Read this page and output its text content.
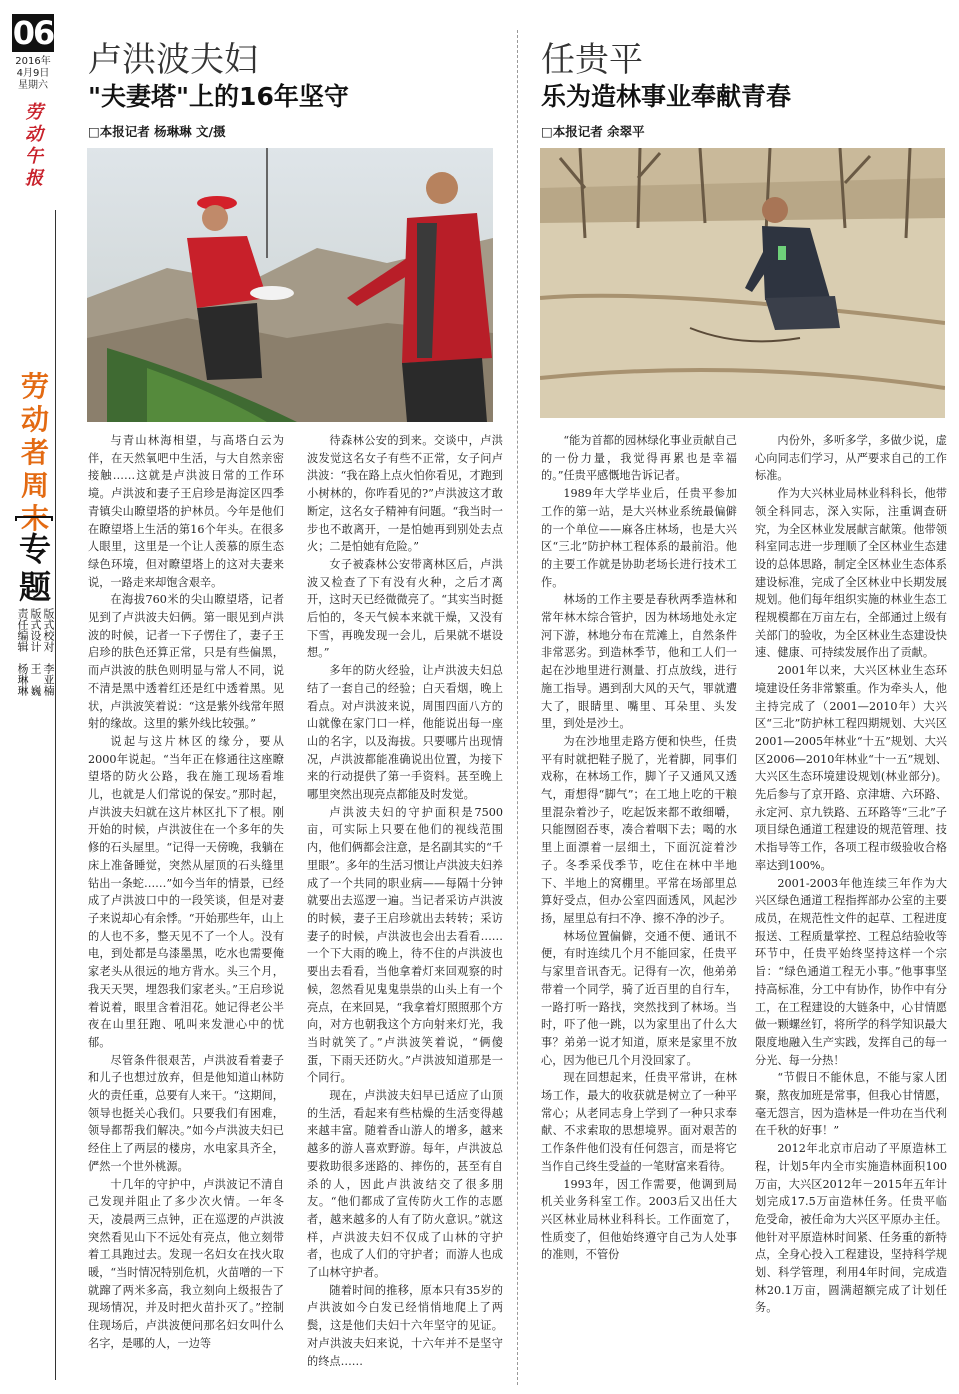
06
2016年
4月9日
星期六
劳动午报
劳动者周末
专题
版式校对　李亚楠
版式设计　王　巍
责任编辑　杨琳琳
卢洪波夫妇
"夫妻塔"上的16年坚守
□本报记者 杨琳琳 文/摄

与青山林海相望，与高塔白云为伴，在天然氧吧中生活，与大自然亲密接触……这就是卢洪波日常的工作环境。卢洪波和妻子王启珍是海淀区四季青镇尖山瞭望塔的护林员。今年是他们在瞭望塔上生活的第16个年头。在很多人眼里，这里是一个让人羡慕的原生态绿色环境，但对瞭望塔上的这对夫妻来说，一路走来却饱含艰辛。

在海拔760米的尖山瞭望塔，记者见到了卢洪波夫妇俩。第一眼见到卢洪波的时候，记者一下子愣住了，妻子王启珍的肤色还算正常，只是有些偏黑，而卢洪波的肤色则明显与常人不同，说不清是黑中透着红还是红中透着黑。见状，卢洪波笑着说：“这是紫外线常年照射的缘故。这里的紫外线比较强。”

说起与这片林区的缘分，要从2000年说起。“当年正在修通往这座瞭望塔的防火公路，我在施工现场看堆儿，也就是人们常说的保安。”那时起，卢洪波夫妇就在这片林区扎下了根。刚开始的时候，卢洪波住在一个多年的失修的石头屋里。“记得一天傍晚，我躺在床上准备睡觉，突然从屋顶的石头缝里钻出一条蛇……”如今当年的情景，已经成了卢洪波口中的一段笑谈，但是对妻子来说却心有余悸。“开始那些年，山上的人也不多，整天见不了一个人。没有电，到处都是乌漆墨黑，吃水也需要俺家老头从很远的地方背水。头三个月，我天天哭，埋怨我们家老头。”王启珍说着说着，眼里含着泪花。她记得老公半夜在山里狂跑、吼叫来发泄心中的忧郁。

尽管条件很艰苦，卢洪波看着妻子和儿子也想过放弃，但是他知道山林防火的责任重，总要有人来干。“这期间，领导也挺关心我们。只要我们有困难，领导都帮我们解决。”如今卢洪波夫妇已经住上了两层的楼房，水电家具齐全，俨然一个世外桃源。

十几年的守护中，卢洪波记不清自己发现并阻止了多少次火情。一年冬天，凌晨两三点钟，正在巡逻的卢洪波突然看见山下不远处有亮点，他立刻带着工具跑过去。发现一名妇女在找火取暖，“当时情况特别危机，火苗噌的一下就蹿了两米多高，我立刻向上级报告了现场情况，并及时把火苗扑灭了。”控制住现场后，卢洪波便问那名妇女叫什么名字，是哪的人，一边等

待森林公安的到来。交谈中，卢洪波发觉这名女子有些不正常，女子问卢洪波：“我在路上点火怕你看见，才跑到小树林的，你咋看见的?”卢洪波这才敢断定，这名女子精神有问题。“我当时一步也不敢离开，一是怕她再到别处去点火；二是怕她有危险。”

女子被森林公安带离林区后，卢洪波又检查了下有没有火种，之后才离开，这时天已经微微亮了。“其实当时挺后怕的，冬天气候本来就干燥，又没有下雪，再晚发现一会儿，后果就不堪设想。”

多年的防火经验，让卢洪波夫妇总结了一套自己的经验；白天看烟，晚上看点。对卢洪波来说，周围四面八方的山就像在家门口一样，他能说出每一座山的名字，以及海拔。只要哪片出现情况，卢洪波都能准确说出位置，为接下来的行动提供了第一手资料。甚至晚上哪里突然出现亮点都能及时发觉。

卢洪波夫妇的守护面积是7500亩，可实际上只要在他们的视线范围内，他们俩都会注意，是名副其实的“千里眼”。多年的生活习惯让卢洪波夫妇养成了一个共同的职业病——每隔十分钟就要出去巡逻一遍。当记者采访卢洪波的时候，妻子王启珍就出去转转；采访妻子的时候，卢洪波也会出去看看……一个下大雨的晚上，待不住的卢洪波也要出去看看，当他拿着灯来回观察的时候，忽然看见鬼鬼祟祟的山头上有一个亮点，在来回晃，“我拿着灯照照那个方向，对方也朝我这个方向射来灯光，我当时就笑了。”卢洪波笑着说，“俩傻蛋，下雨天还防火。”卢洪波知道那是一个同行。

现在，卢洪波夫妇早已适应了山顶的生活，看起来有些枯燥的生活变得越来越丰富。随着香山游人的增多，越来越多的游人喜欢野游。每年，卢洪波总要救助很多迷路的、摔伤的，甚至有自杀的人，因此卢洪波结交了很多朋友。“他们都成了宣传防火工作的志愿者，越来越多的人有了防火意识。”就这样，卢洪波夫妇不仅成了山林的守护者，也成了人们的守护者；而游人也成了山林守护者。

随着时间的推移，原本只有35岁的卢洪波如今白发已经悄悄地爬上了两鬓，这是他们夫妇十六年坚守的见证。对卢洪波夫妇来说，十六年并不是坚守的终点……

任贵平
乐为造林事业奉献青春
□本报记者 余翠平

“能为首都的园林绿化事业贡献自己的一份力量，我觉得再累也是幸福的。”任贵平感慨地告诉记者。

1989年大学毕业后，任贵平参加工作的第一站，是大兴林业系统最偏僻的一个单位——麻各庄林场，也是大兴区“三北”防护林工程体系的最前沿。他的主要工作就是协助老场长进行技术工作。

林场的工作主要是春秋两季造林和常年林木综合管护，因为林场地处永定河下游，林地分布在荒滩上，自然条件非常恶劣。到造林季节，他和工人们一起在沙地里进行测量、打点放线，进行施工指导。遇到刮大风的天气，罪就遭大了，眼睛里、嘴里、耳朵里、头发里，到处是沙土。

为在沙地里走路方便和快些，任贵平有时就把鞋子脱了，光着脚，同事们戏称，在林场工作，脚丫子又通风又透气，甭想得“脚气”；在工地上吃的干粮里混杂着沙子，吃起饭来都不敢细嚼，只能囫囵吞枣，凑合着咽下去；喝的水里上面漂着一层细土，下面沉淀着沙子。冬季采伐季节，吃住在林中半地下、半地上的窝棚里。平常在场部里总算好受点，但办公室四面透风，风起沙扬，屋里总有扫不净、擦不净的沙子。

林场位置偏僻，交通不便、通讯不便，有时连续几个月不能回家，任贵平与家里音讯杳无。记得有一次，他弟弟带着一个同学，骑了近百里的自行车，一路打听一路找，突然找到了林场。当时，吓了他一跳，以为家里出了什么大事？弟弟一说才知道，原来是家里不放心，因为他已几个月没回家了。

现在回想起来，任贵平常讲，在林场工作，最大的收获就是树立了一种平常心；从老同志身上学到了一种只求奉献、不求索取的思想境界。面对艰苦的工作条件他们没有任何怨言，而是将它当作自己终生受益的一笔财富来看待。

1993年，因工作需要，他调到局机关业务科室工作。2003后又出任大兴区林业局林业科科长。工作面宽了，性质变了，但他始终遵守自己为人处事的准则，不管份

内份外，多听多学，多做少说，虚心向同志们学习，从严要求自己的工作标准。

作为大兴林业局林业科科长，他带领全科同志，深入实际，注重调查研究，为全区林业发展献言献策。他带领科室同志进一步理顺了全区林业生态建设的总体思路，制定全区林业生态体系建设标准，完成了全区林业中长期发展规划。他们每年组织实施的林业生态工程规模都在万亩左右，全部通过上级有关部门的验收，为全区林业生态建设快速、健康、可持续发展作出了贡献。

2001年以来，大兴区林业生态环境建设任务非常繁重。作为牵头人，他主持完成了（2001—2010年）大兴区“三北”防护林工程四期规划、大兴区2001—2005年林业“十五”规划、大兴区2006—2010年林业“十一五”规划、大兴区生态环境建设规划(林业部分)。先后参与了京开路、京津塘、六环路、永定河、京九铁路、五环路等“三北”子项目绿色通道工程建设的规范管理、技术指导等工作，各项工程市级验收合格率达到100%。

2001-2003年他连续三年作为大兴区绿色通道工程指挥部办公室的主要成员，在规范性文件的起草、工程进度报送、工程质量掌控、工程总结验收等环节中，任贵平始终坚持这样一个宗旨：“绿色通道工程无小事。”他事事坚持高标准，分工中有协作，协作中有分工，在工程建设的大链条中，心甘情愿做一颗螺丝钉，将所学的科学知识最大限度地融入生产实践，发挥自己的每一分光、每一分热！

“节假日不能休息，不能与家人团聚，熬夜加班是常事，但我心甘情愿，毫无怨言，因为造林是一件功在当代利在千秋的好事！”

2012年北京市启动了平原造林工程，计划5年内全市实施造林面积100万亩，大兴区2012年－2015年五年计划完成17.5万亩造林任务。任贵平临危受命，被任命为大兴区平原办主任。他针对平原造林时间紧、任务重的新特点，全身心投入工程建设，坚持科学规划、科学管理，利用4年时间，完成造林20.1万亩，圆满超额完成了计划任务。
